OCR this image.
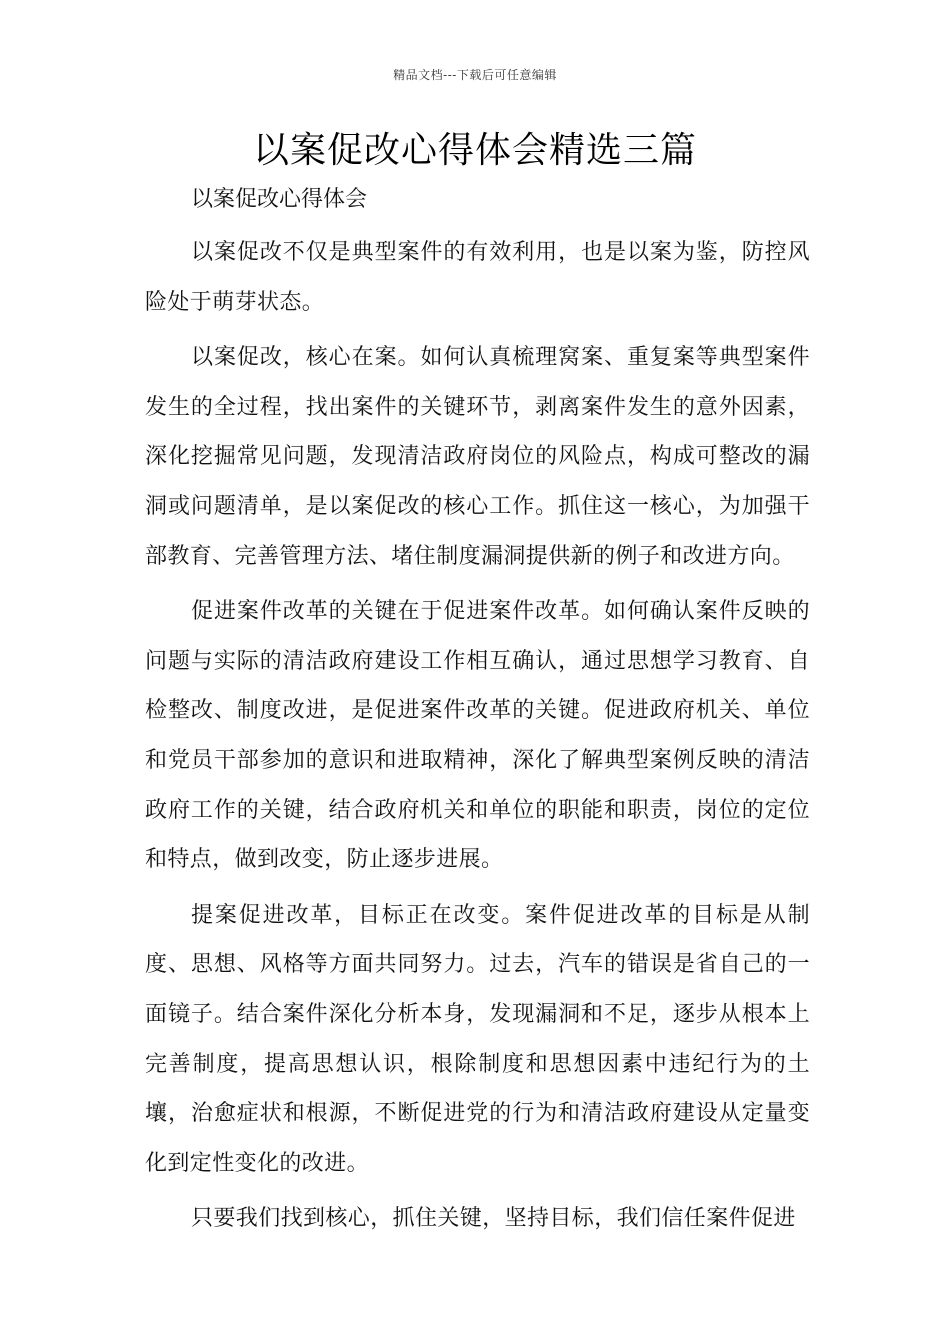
精品文档---下载后可任意编辑
以案促改心得体会精选三篇

以案促改心得体会

以案促改不仅是典型案件的有效利用，也是以案为鉴，防控风险处于萌芽状态。

以案促改，核心在案。如何认真梳理窝案、重复案等典型案件发生的全过程，找出案件的关键环节，剥离案件发生的意外因素，深化挖掘常见问题，发现清洁政府岗位的风险点，构成可整改的漏洞或问题清单，是以案促改的核心工作。抓住这一核心，为加强干部教育、完善管理方法、堵住制度漏洞提供新的例子和改进方向。

促进案件改革的关键在于促进案件改革。如何确认案件反映的问题与实际的清洁政府建设工作相互确认，通过思想学习教育、自检整改、制度改进，是促进案件改革的关键。促进政府机关、单位和党员干部参加的意识和进取精神，深化了解典型案例反映的清洁政府工作的关键，结合政府机关和单位的职能和职责，岗位的定位和特点，做到改变，防止逐步进展。

提案促进改革，目标正在改变。案件促进改革的目标是从制度、思想、风格等方面共同努力。过去，汽车的错误是省自己的一面镜子。结合案件深化分析本身，发现漏洞和不足，逐步从根本上完善制度，提高思想认识，根除制度和思想因素中违纪行为的土壤，治愈症状和根源，不断促进党的行为和清洁政府建设从定量变化到定性变化的改进。

只要我们找到核心，抓住关键，坚持目标，我们信任案件促进
